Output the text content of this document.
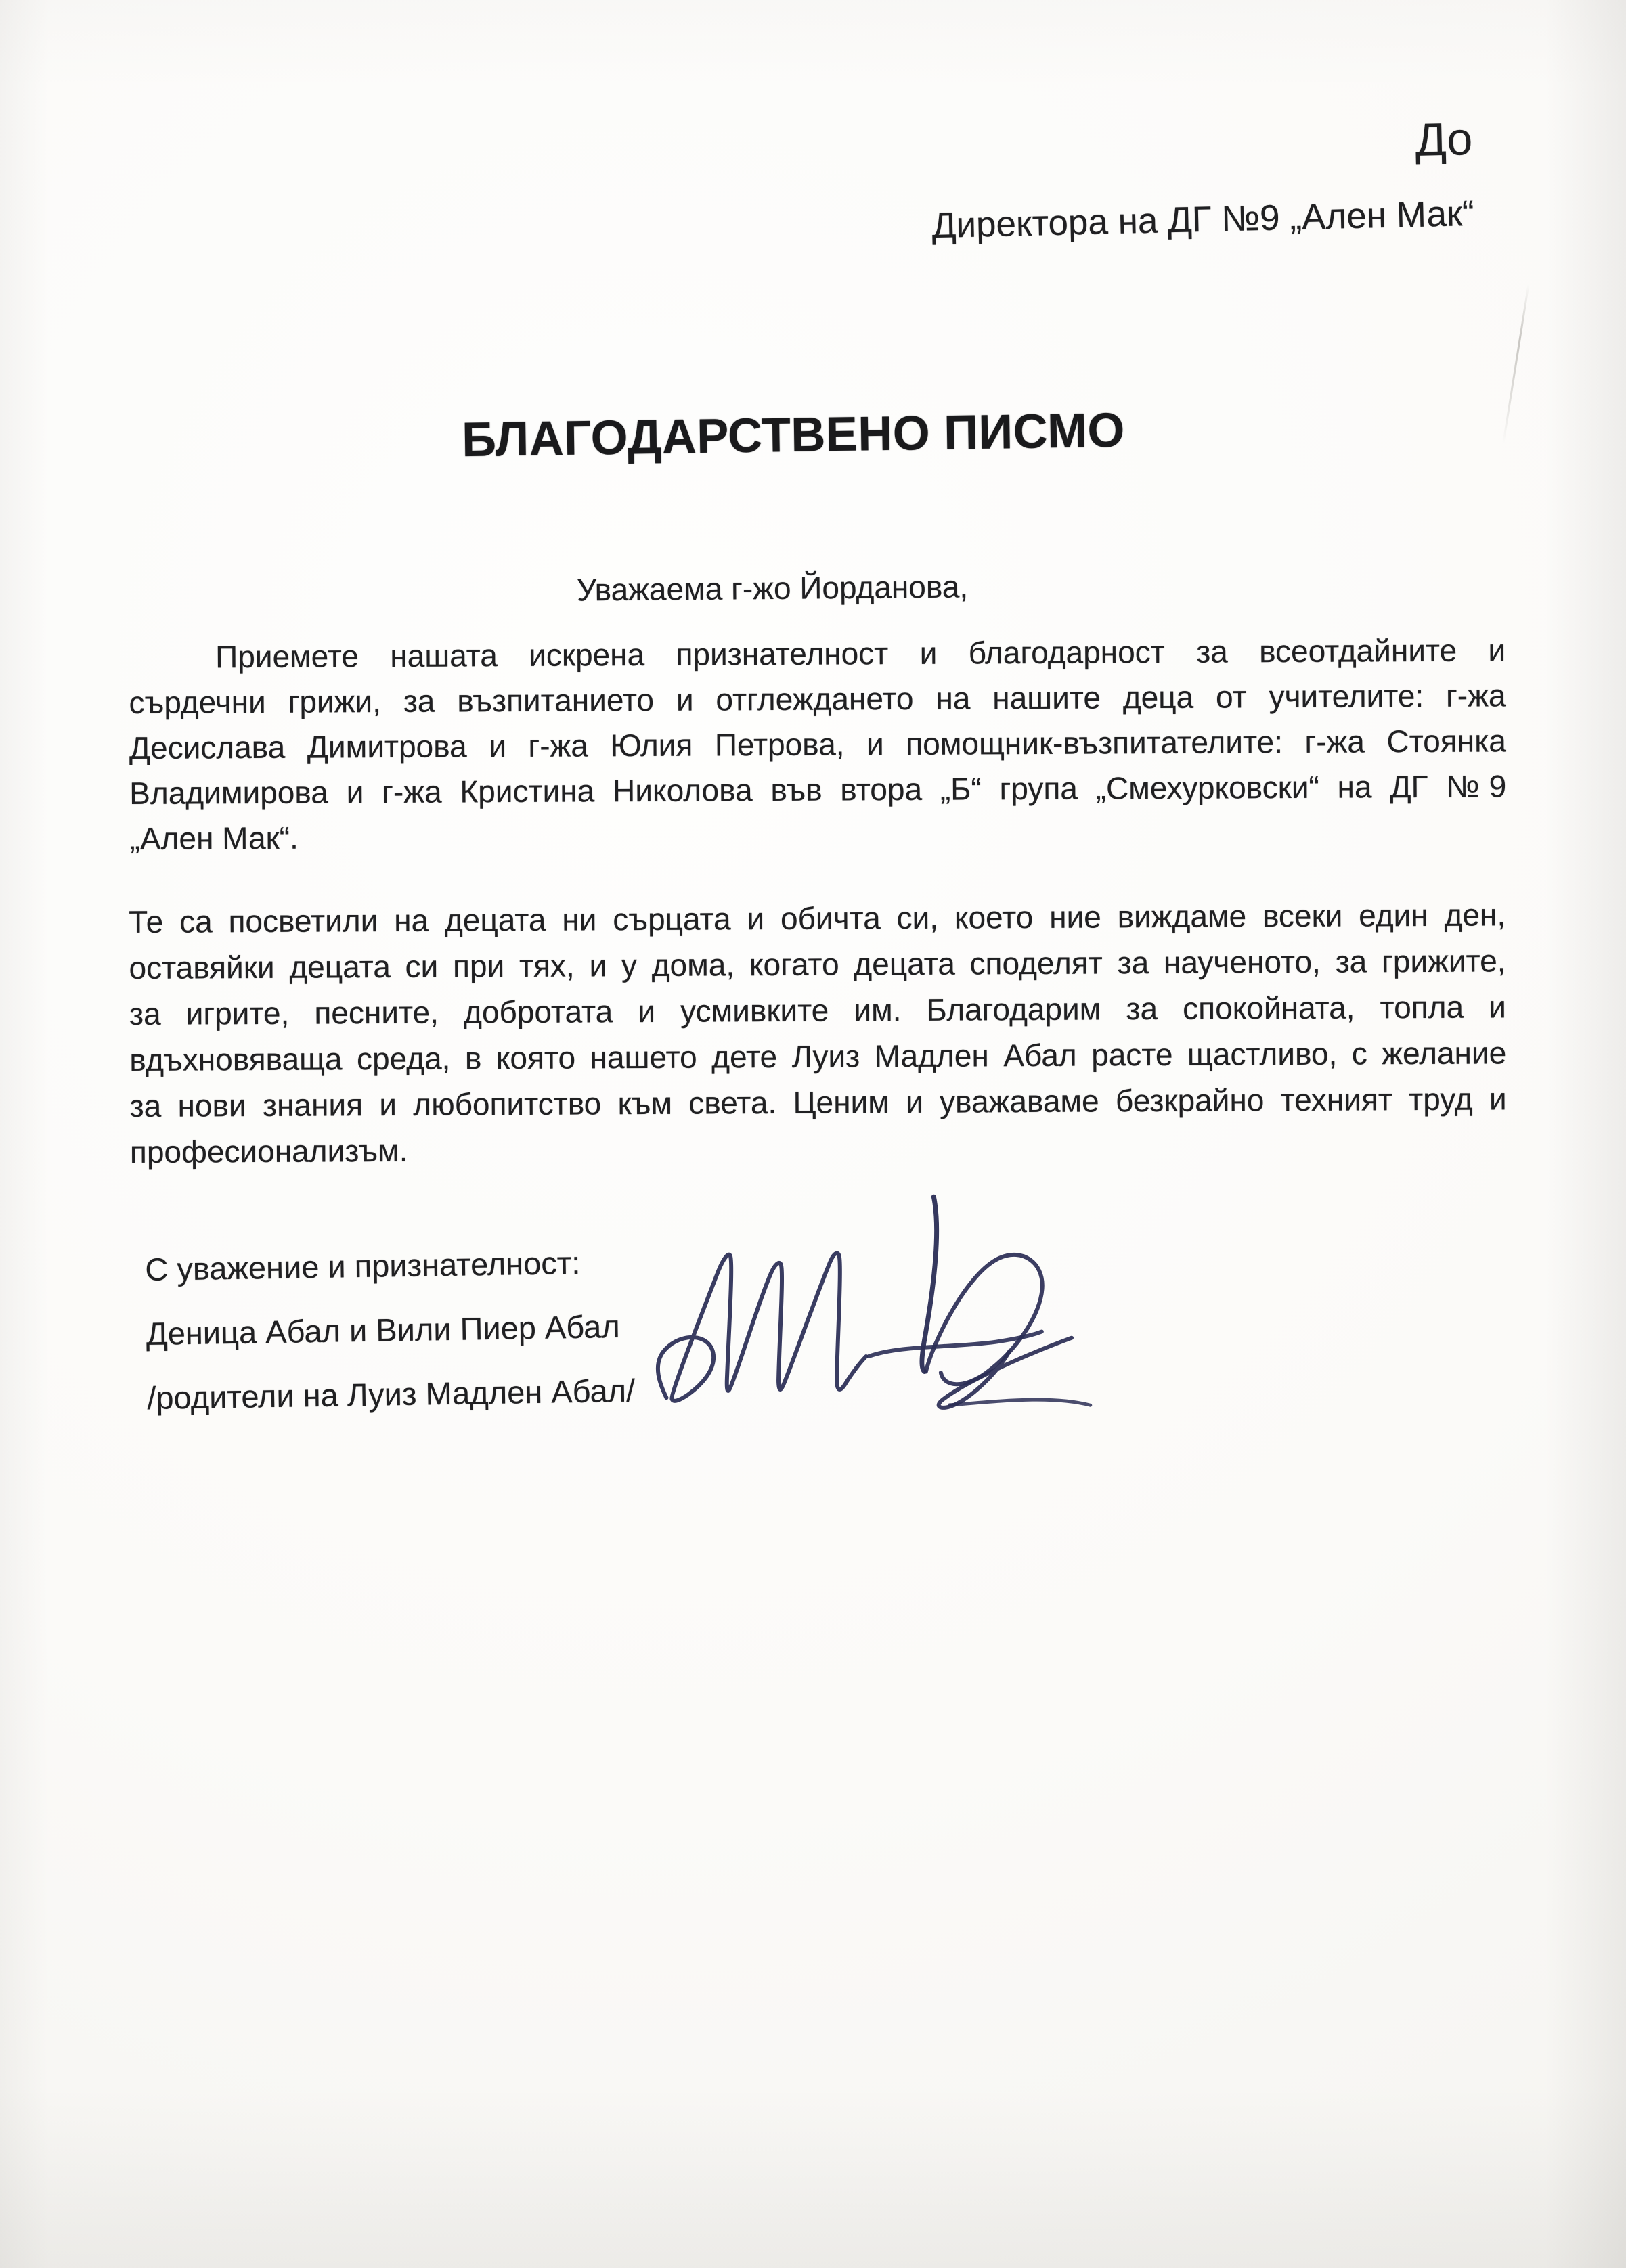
До
Директора на ДГ №9 „Ален Мак“
БЛАГОДАРСТВЕНО ПИСМО
Уважаема г-жо Йорданова,
Приемете нашата искрена признателност и благодарност за всеотдайните и
сърдечни грижи, за възпитанието и отглеждането на нашите деца от учителите: г-жа
Десислава Димитрова и г-жа Юлия Петрова, и помощник-възпитателите: г-жа Стоянка
Владимирова и г-жа Кристина Николова във втора „Б“ група „Смехурковски“ на ДГ №9
„Ален Мак“.
Те са посветили на децата ни сърцата и обичта си, което ние виждаме всеки един ден,
оставяйки децата си при тях, и у дома, когато децата споделят за наученото, за грижите,
за игрите, песните, добротата и усмивките им. Благодарим за спокойната, топла и
вдъхновяваща среда, в която нашето дете Луиз Мадлен Абал расте щастливо, с желание
за нови знания и любопитство към света. Ценим и уважаваме безкрайно техният труд и
професионализъм.
С уважение и признателност:
Деница Абал и Вили Пиер Абал
/родители на Луиз Мадлен Абал/
